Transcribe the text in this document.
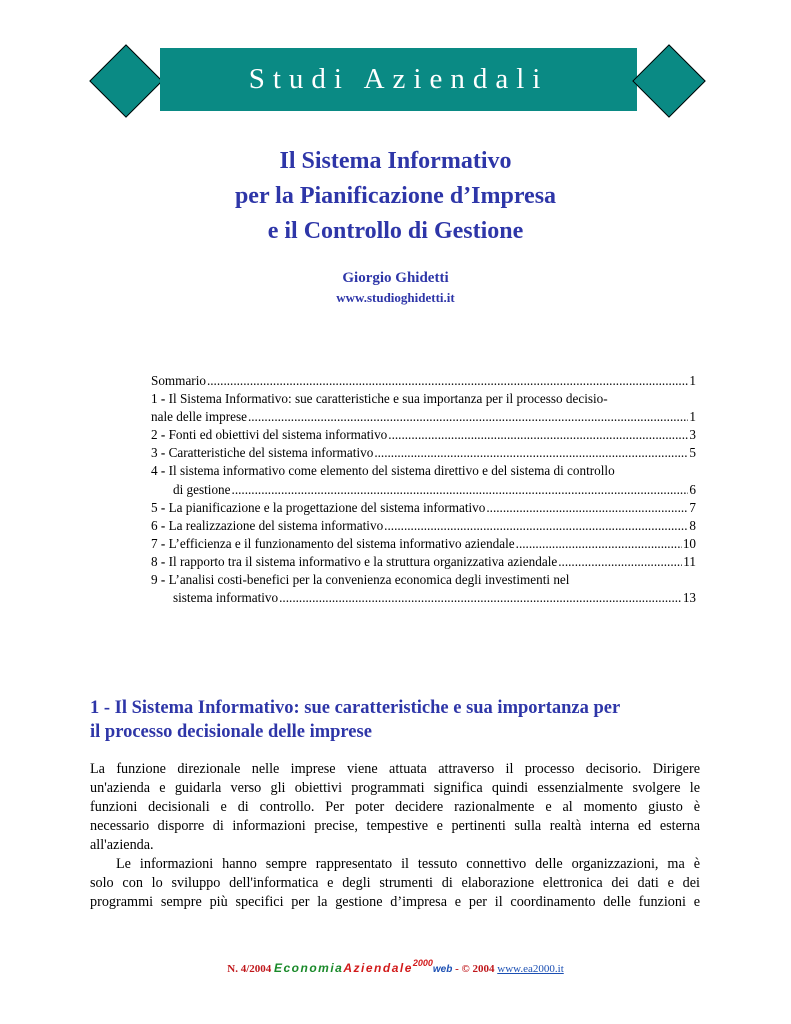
Studi Aziendali
Il Sistema Informativo
per la Pianificazione d’Impresa
e il Controllo di Gestione
Giorgio Ghidetti
www.studioghidetti.it
Sommario .....	1
1 - Il Sistema Informativo: sue caratteristiche e sua importanza per il processo decisio-
nale delle imprese .....	1
2 - Fonti ed obiettivi del sistema informativo .....	3
3 - Caratteristiche del sistema informativo .....	5
4 - Il sistema informativo come elemento del sistema direttivo e del sistema di controllo
di gestione .....	6
5 - La pianificazione e la progettazione del sistema informativo .....	7
6 - La realizzazione del sistema informativo .....	8
7 - L’efficienza e il funzionamento del sistema informativo aziendale .....	10
8 - Il rapporto tra il sistema informativo e la struttura organizzativa aziendale .....	11
9 - L’analisi costi-benefici per la convenienza economica degli investimenti nel
sistema informativo .....	13
1 - Il Sistema Informativo: sue caratteristiche e sua importanza per
il processo decisionale delle imprese
La funzione direzionale nelle imprese viene attuata attraverso il processo decisorio. Dirigere
un'azienda e guidarla verso gli obiettivi programmati significa quindi essenzialmente svolgere le
funzioni decisionali e di controllo. Per poter decidere razionalmente e al momento giusto è
necessario disporre di informazioni precise, tempestive e pertinenti sulla realtà interna ed esterna
all'azienda.
Le informazioni hanno sempre rappresentato il tessuto connettivo delle organizzazioni, ma è
solo con lo sviluppo dell'informatica e degli strumenti di elaborazione elettronica dei dati e dei
programmi sempre più specifici per la gestione d’impresa e per il coordinamento delle funzioni e
N. 4/2004 EconomiaAziendale$^{2000}$web - © 2004 www.ea2000.it
